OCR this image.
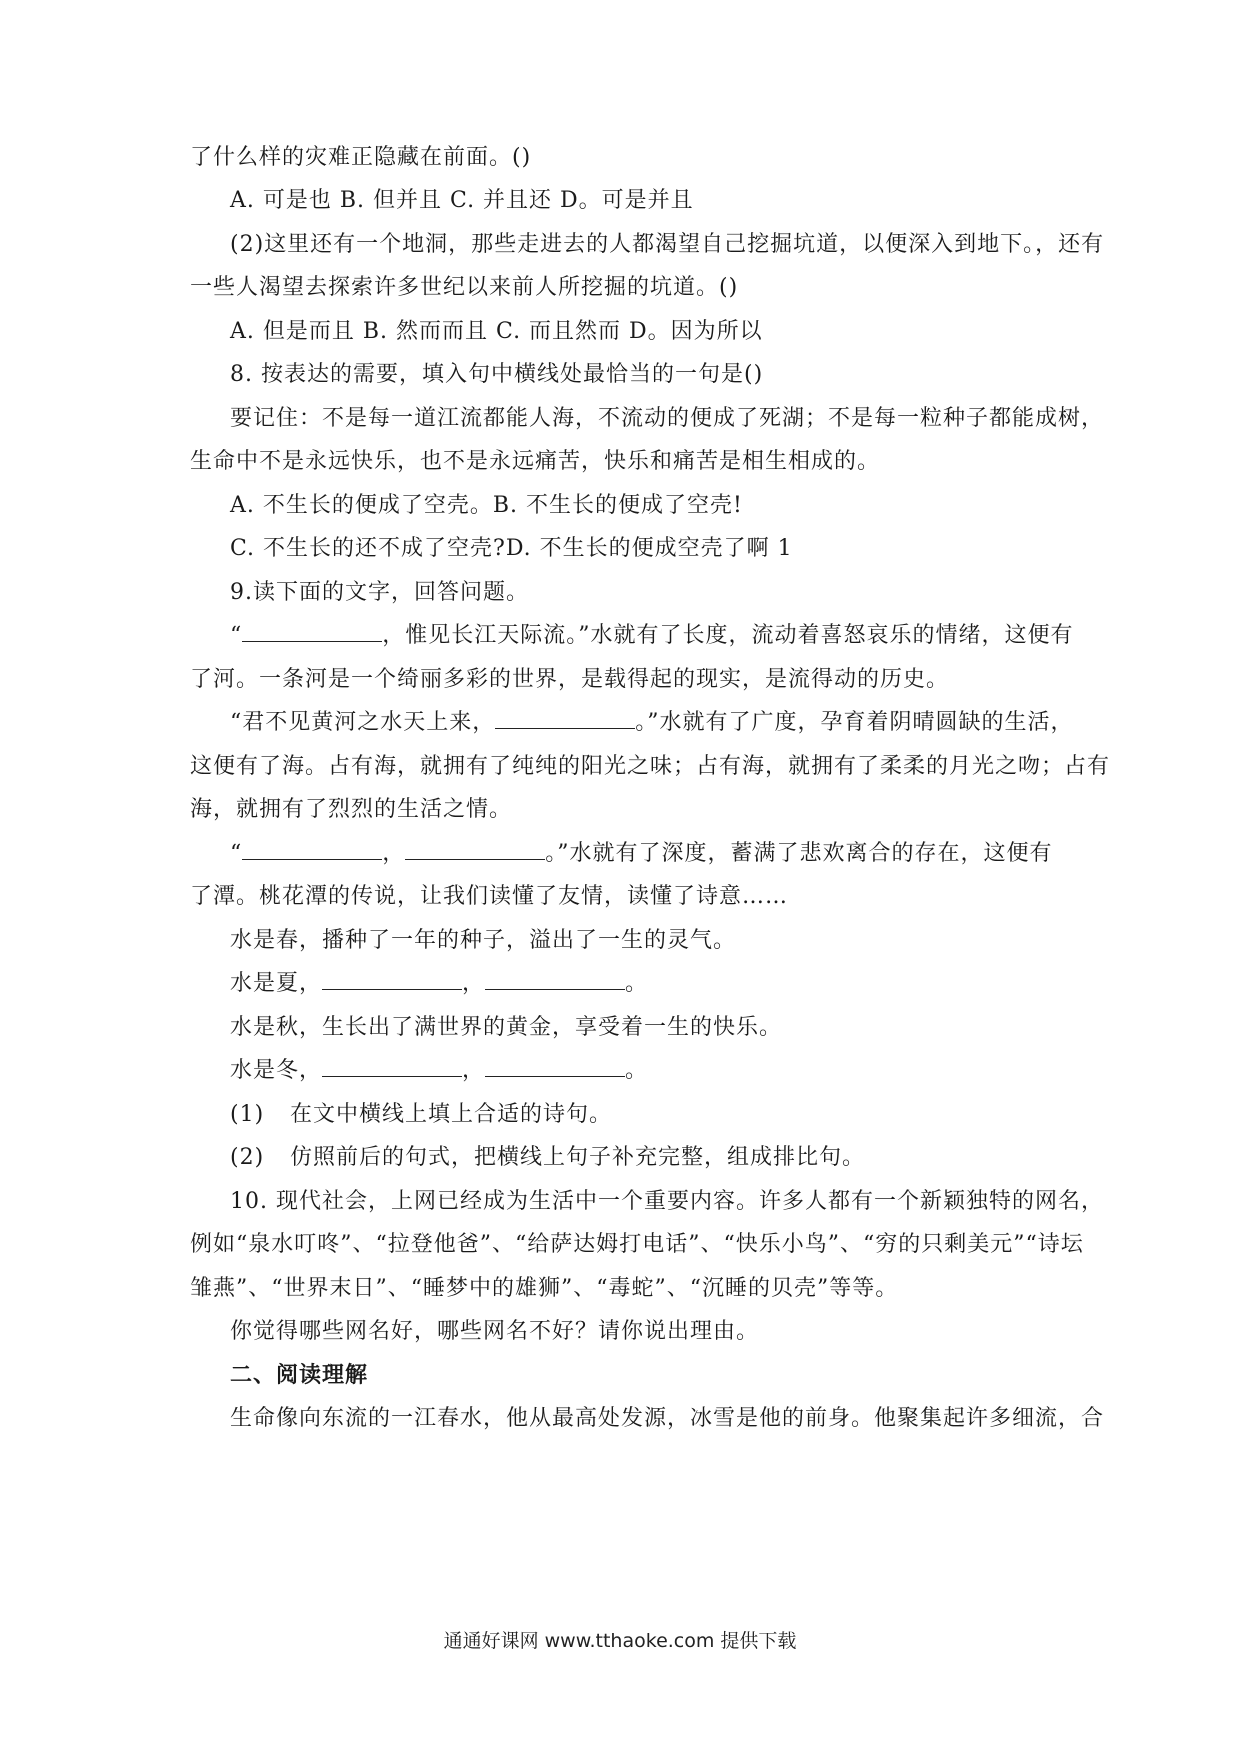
了什么样的灾难正隐藏在前面。()
A. 可是也 B. 但并且 C. 并且还 D。可是并且
(2)这里还有一个地洞，那些走进去的人都渴望自己挖掘坑道，以便深入到地下。，还有
一些人渴望去探索许多世纪以来前人所挖掘的坑道。()
A. 但是而且 B. 然而而且 C. 而且然而 D。因为所以
8. 按表达的需要，填入句中横线处最恰当的一句是()
要记住：不是每一道江流都能人海，不流动的便成了死湖；不是每一粒种子都能成树，
生命中不是永远快乐，也不是永远痛苦，快乐和痛苦是相生相成的。
A. 不生长的便成了空壳。B. 不生长的便成了空壳!
C. 不生长的还不成了空壳?D. 不生长的便成空壳了啊 1
9.读下面的文字，回答问题。
“	，惟见长江天际流。”水就有了长度，流动着喜怒哀乐的情绪，这便有
了河。一条河是一个绮丽多彩的世界，是载得起的现实，是流得动的历史。
“君不见黄河之水天上来，	。”水就有了广度，孕育着阴晴圆缺的生活，
这便有了海。占有海，就拥有了纯纯的阳光之味；占有海，就拥有了柔柔的月光之吻；占有
海，就拥有了烈烈的生活之情。
“	，	。”水就有了深度，蓄满了悲欢离合的存在，这便有
了潭。桃花潭的传说，让我们读懂了友情，读懂了诗意……
水是春，播种了一年的种子，溢出了一生的灵气。
水是夏，	，	。
水是秋，生长出了满世界的黄金，享受着一生的快乐。
水是冬，	，	。
(1) 在文中横线上填上合适的诗句。
(2) 仿照前后的句式，把横线上句子补充完整，组成排比句。
10. 现代社会，上网已经成为生活中一个重要内容。许多人都有一个新颖独特的网名，
例如“泉水叮咚”、“拉登他爸”、“给萨达姆打电话”、“快乐小鸟”、“穷的只剩美元”“诗坛
雏燕”、“世界末日”、“睡梦中的雄狮”、“毒蛇”、“沉睡的贝壳”等等。
你觉得哪些网名好，哪些网名不好？请你说出理由。
二、阅读理解
生命像向东流的一江春水，他从最高处发源，冰雪是他的前身。他聚集起许多细流，合
通通好课网 www.tthaoke.com 提供下载
